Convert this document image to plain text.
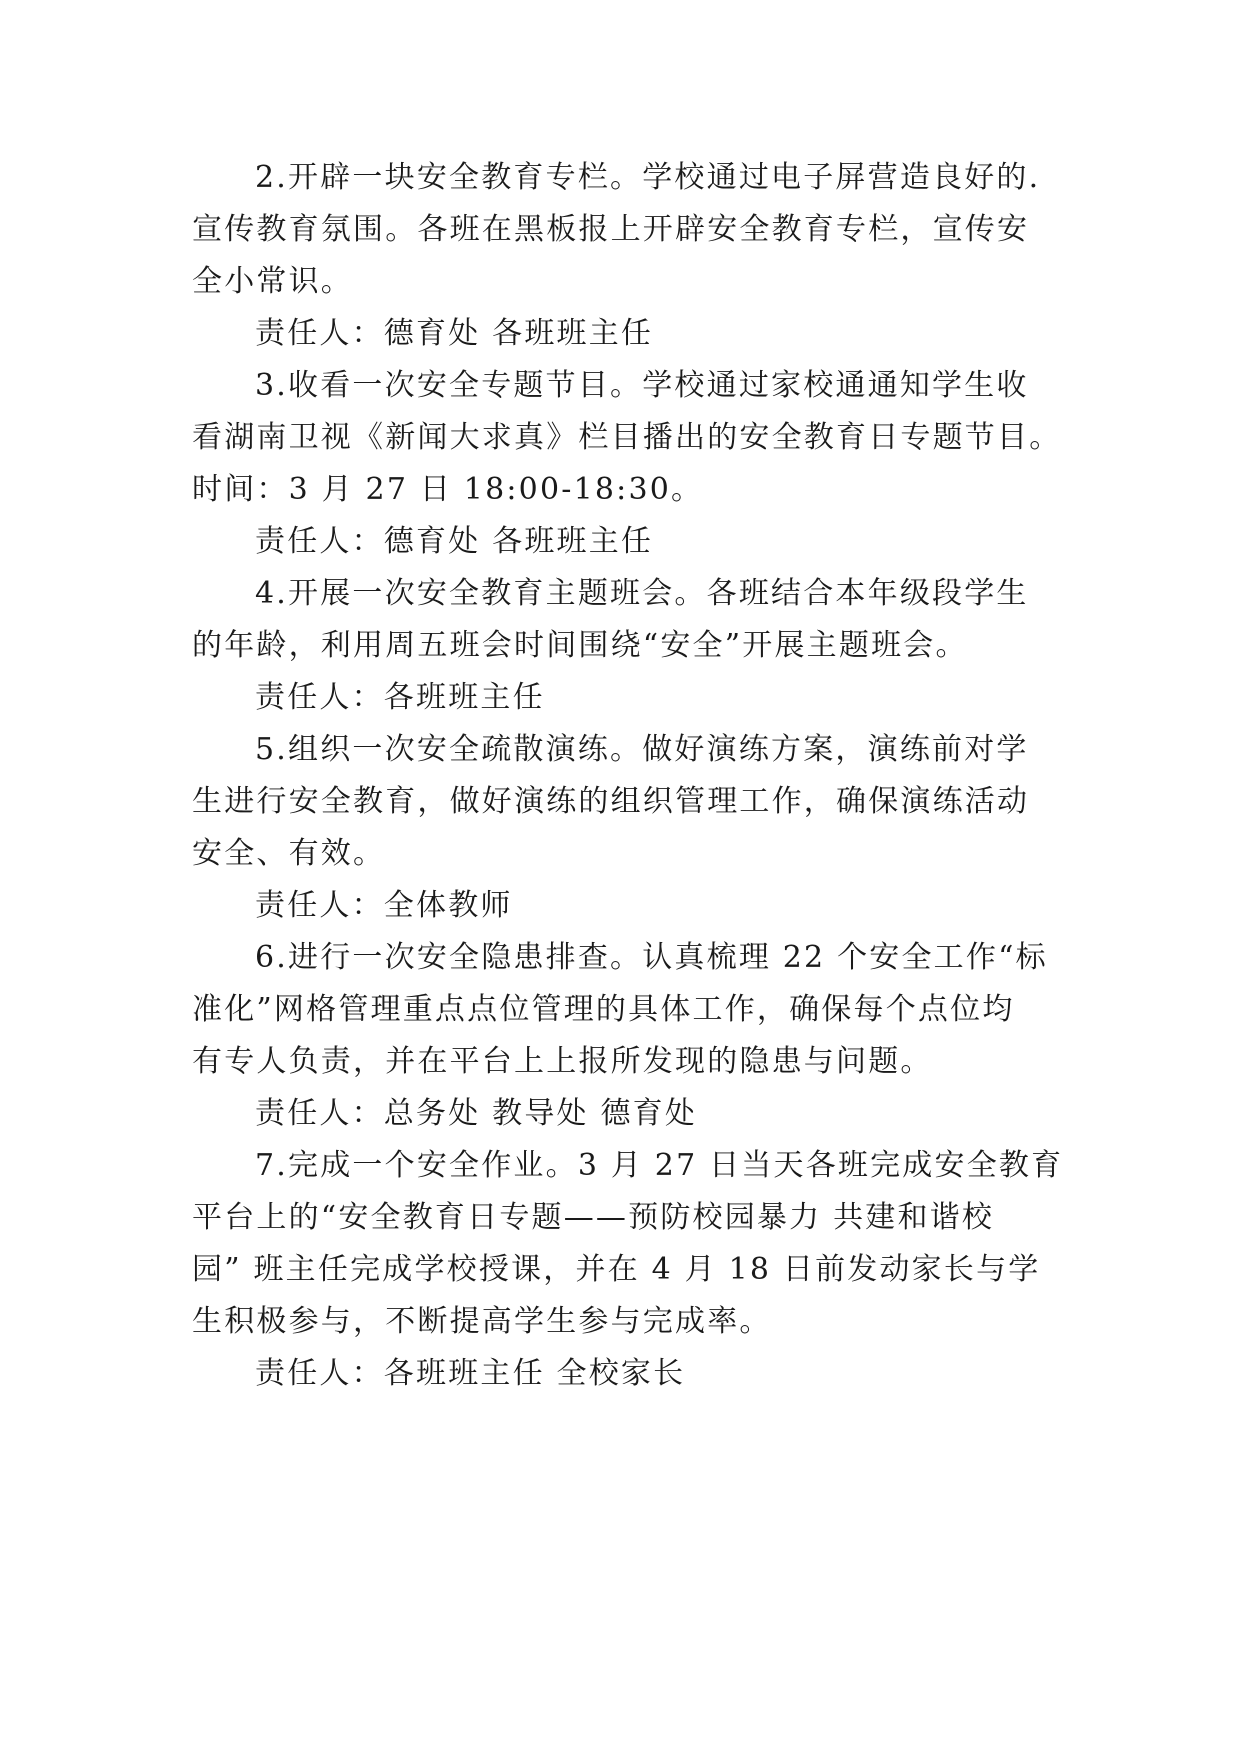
2.开辟一块安全教育专栏。学校通过电子屏营造良好的.
宣传教育氛围。各班在黑板报上开辟安全教育专栏，宣传安
全小常识。
责任人：德育处 各班班主任
3.收看一次安全专题节目。学校通过家校通通知学生收
看湖南卫视《新闻大求真》栏目播出的安全教育日专题节目。
时间：3 月 27 日 18:00-18:30。
责任人：德育处 各班班主任
4.开展一次安全教育主题班会。各班结合本年级段学生
的年龄，利用周五班会时间围绕“安全”开展主题班会。
责任人：各班班主任
5.组织一次安全疏散演练。做好演练方案，演练前对学
生进行安全教育，做好演练的组织管理工作，确保演练活动
安全、有效。
责任人：全体教师
6.进行一次安全隐患排查。认真梳理 22 个安全工作“标
准化”网格管理重点点位管理的具体工作，确保每个点位均
有专人负责，并在平台上上报所发现的隐患与问题。
责任人：总务处 教导处 德育处
7.完成一个安全作业。3 月 27 日当天各班完成安全教育
平台上的“安全教育日专题——预防校园暴力 共建和谐校
园” 班主任完成学校授课，并在 4 月 18 日前发动家长与学
生积极参与，不断提高学生参与完成率。
责任人：各班班主任 全校家长
